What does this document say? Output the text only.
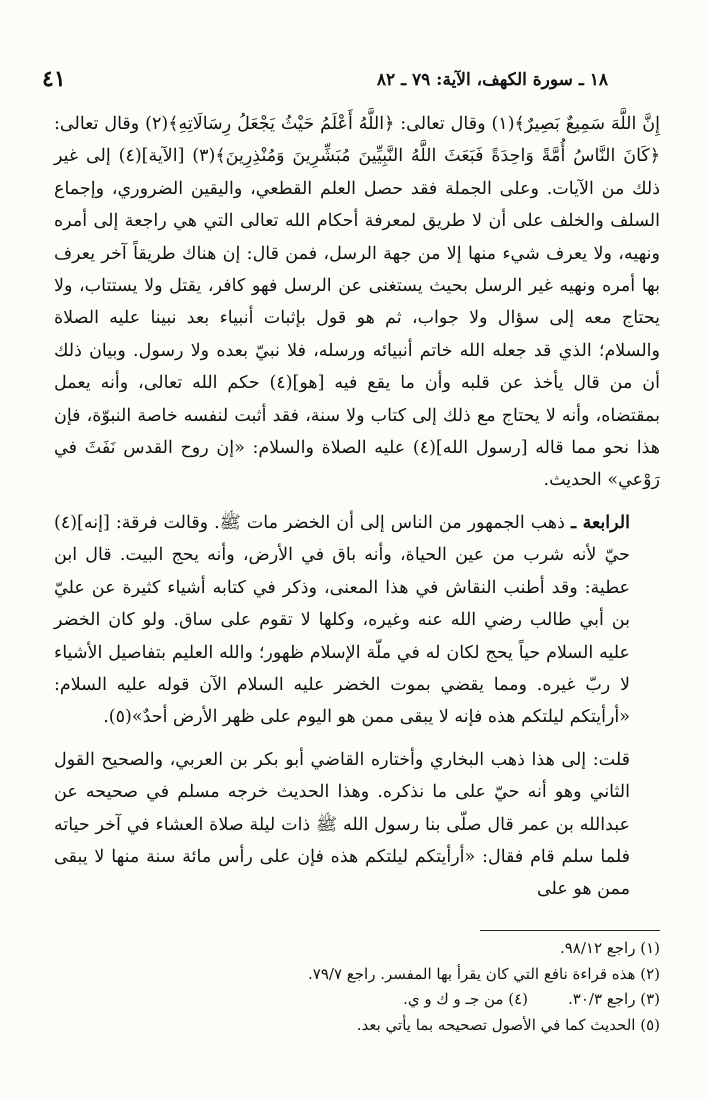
١٨ ـ سورة الكهف، الآية: ٧٩ ـ ٨٢
٤١

إِنَّ اللَّهَ سَمِيعٌ بَصِيرٌ﴾(١) وقال تعالى: ﴿اللَّهُ أَعْلَمُ حَيْثُ يَجْعَلُ رِسَالَاتِهِ﴾(٢) وقال تعالى: ﴿كَانَ النَّاسُ أُمَّةً وَاحِدَةً فَبَعَثَ اللَّهُ النَّبِيِّينَ مُبَشِّرِينَ وَمُنْذِرِينَ﴾(٣) [الآية](٤) إلى غير ذلك من الآيات. وعلى الجملة فقد حصل العلم القطعي، واليقين الضروري، وإجماع السلف والخلف على أن لا طريق لمعرفة أحكام الله تعالى التي هي راجعة إلى أمره ونهيه، ولا يعرف شيء منها إلا من جهة الرسل، فمن قال: إن هناك طريقاً آخر يعرف بها أمره ونهيه غير الرسل بحيث يستغنى عن الرسل فهو كافر، يقتل ولا يستتاب، ولا يحتاج معه إلى سؤال ولا جواب، ثم هو قول بإثبات أنبياء بعد نبينا عليه الصلاة والسلام؛ الذي قد جعله الله خاتم أنبيائه ورسله، فلا نبيّ بعده ولا رسول. وبيان ذلك أن من قال يأخذ عن قلبه وأن ما يقع فيه [هو](٤) حكم الله تعالى، وأنه يعمل بمقتضاه، وأنه لا يحتاج مع ذلك إلى كتاب ولا سنة، فقد أثبت لنفسه خاصة النبوّة، فإن هذا نحو مما قاله [رسول الله](٤) عليه الصلاة والسلام: «إن روح القدس نَفَثَ في رَوْعي» الحديث.

الرابعة ـ ذهب الجمهور من الناس إلى أن الخضر مات ﷺ. وقالت فرقة: [إنه](٤) حيّ لأنه شرب من عين الحياة، وأنه باق في الأرض، وأنه يحج البيت. قال ابن عطية: وقد أطنب النقاش في هذا المعنى، وذكر في كتابه أشياء كثيرة عن عليّ بن أبي طالب رضي الله عنه وغيره، وكلها لا تقوم على ساق. ولو كان الخضر عليه السلام حياً يحج لكان له في ملّة الإسلام ظهور؛ والله العليم بتفاصيل الأشياء لا ربّ غيره. ومما يقضي بموت الخضر عليه السلام الآن قوله عليه السلام: «أرأيتكم ليلتكم هذه فإنه لا يبقى ممن هو اليوم على ظهر الأرض أحدٌ»(٥).

قلت: إلى هذا ذهب البخاري وأختاره القاضي أبو بكر بن العربي، والصحيح القول الثاني وهو أنه حيّ على ما نذكره. وهذا الحديث خرجه مسلم في صحيحه عن عبدالله بن عمر قال صلّى بنا رسول الله ﷺ ذات ليلة صلاة العشاء في آخر حياته فلما سلم قام فقال: «أرأيتكم ليلتكم هذه فإن على رأس مائة سنة منها لا يبقى ممن هو على

(١) راجع ٩٨/١٢.
(٢) هذه قراءة نافع التي كان يقرأ بها المفسر. راجع ٧٩/٧.
(٣) راجع ٣٠/٣.
(٤) من جـ و ك و ي.
(٥) الحديث كما في الأصول تصحيحه بما يأتي بعد.
